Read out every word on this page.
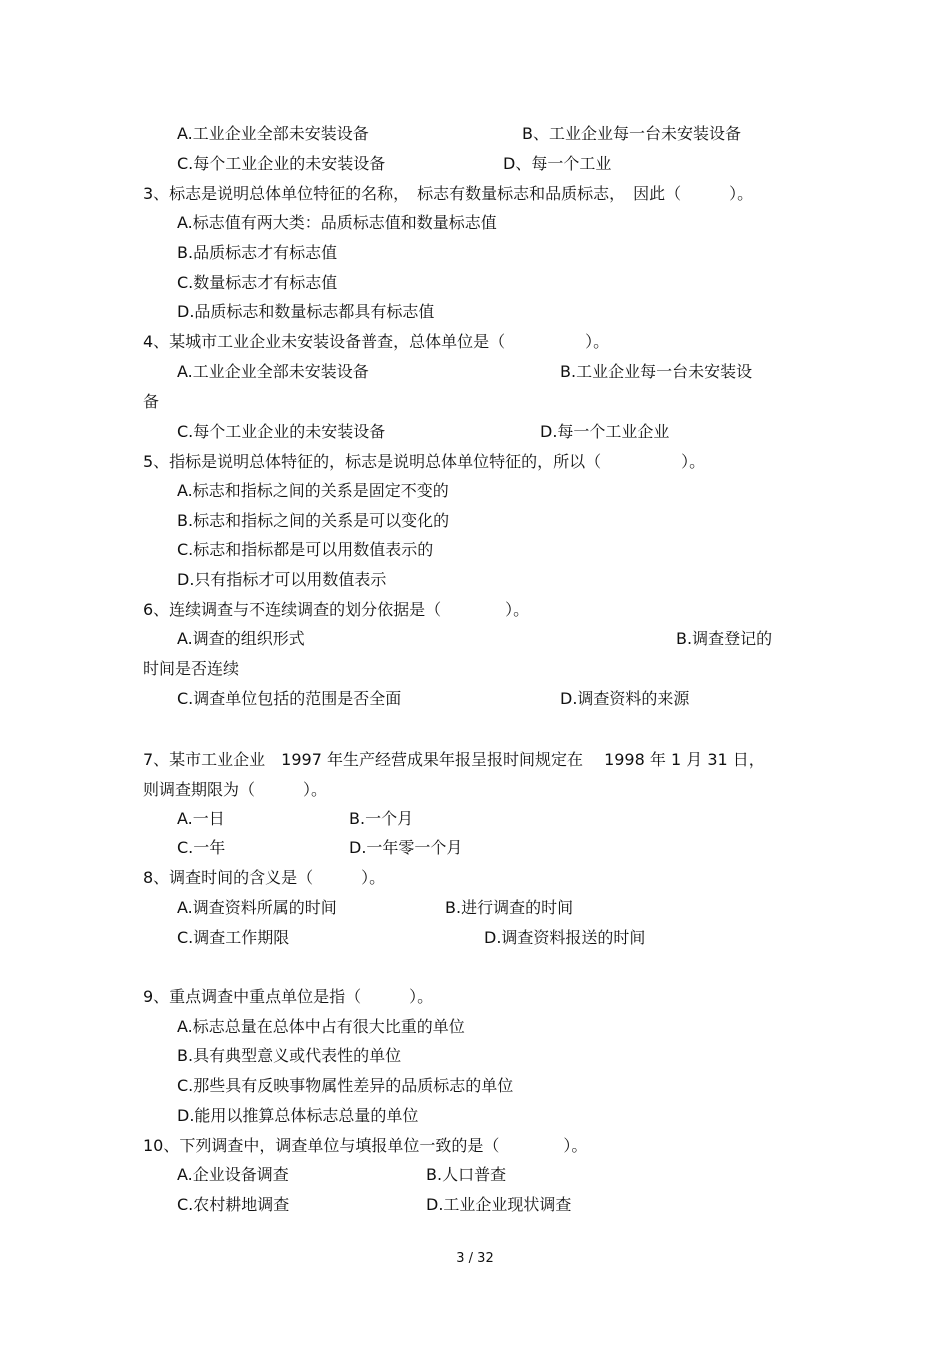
A.工业企业全部未安装设备	B、工业企业每一台未安装设备
C.每个工业企业的未安装设备	D、每一个工业
3、标志是说明总体单位特征的名称，　标志有数量标志和品质标志，　因此（　　　）。
A.标志值有两大类：品质标志值和数量标志值
B.品质标志才有标志值
C.数量标志才有标志值
D.品质标志和数量标志都具有标志值
4、某城市工业企业未安装设备普查，总体单位是（　　　　　）。
A.工业企业全部未安装设备	B.工业企业每一台未安装设
备
C.每个工业企业的未安装设备	D.每一个工业企业
5、指标是说明总体特征的，标志是说明总体单位特征的，所以（　　　　　）。
A.标志和指标之间的关系是固定不变的
B.标志和指标之间的关系是可以变化的
C.标志和指标都是可以用数值表示的
D.只有指标才可以用数值表示
6、连续调查与不连续调查的划分依据是（　　　　）。
A.调查的组织形式	B.调查登记的
时间是否连续
C.调查单位包括的范围是否全面	D.调查资料的来源
7、某市工业企业　1997 年生产经营成果年报呈报时间规定在　 1998 年 1 月 31 日，
则调查期限为（　　　）。
A.一日	B.一个月
C.一年	D.一年零一个月
8、调查时间的含义是（　　　）。
A.调查资料所属的时间	B.进行调查的时间
C.调查工作期限	D.调查资料报送的时间
9、重点调查中重点单位是指（　　　）。
A.标志总量在总体中占有很大比重的单位
B.具有典型意义或代表性的单位
C.那些具有反映事物属性差异的品质标志的单位
D.能用以推算总体标志总量的单位
10、下列调查中，调查单位与填报单位一致的是（　　　　）。
A.企业设备调查	B.人口普查
C.农村耕地调查	D.工业企业现状调查
3 / 32
